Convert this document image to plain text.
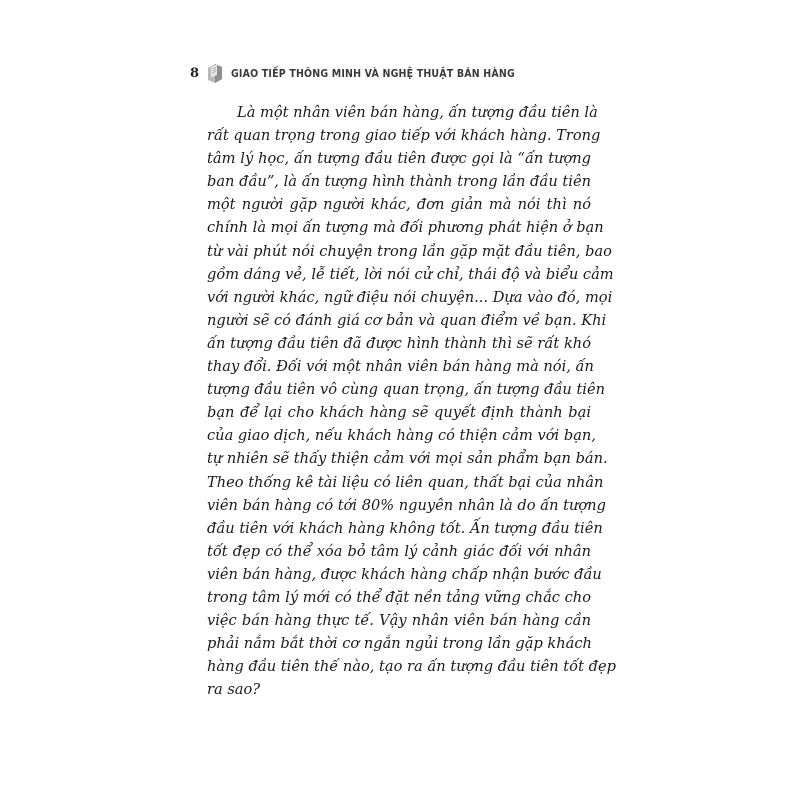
8	GIAO TIẾP THÔNG MINH VÀ NGHỆ THUẬT BÁN HÀNG
Là một nhân viên bán hàng, ấn tượng đầu tiên là
rất quan trọng trong giao tiếp với khách hàng. Trong
tâm lý học, ấn tượng đầu tiên được gọi là “ấn tượng
ban đầu”, là ấn tượng hình thành trong lần đầu tiên
một người gặp người khác, đơn giản mà nói thì nó
chính là mọi ấn tượng mà đối phương phát hiện ở bạn
từ vài phút nói chuyện trong lần gặp mặt đầu tiên, bao
gồm dáng vẻ, lễ tiết, lời nói cử chỉ, thái độ và biểu cảm
với người khác, ngữ điệu nói chuyện... Dựa vào đó, mọi
người sẽ có đánh giá cơ bản và quan điểm về bạn. Khi
ấn tượng đầu tiên đã được hình thành thì sẽ rất khó
thay đổi. Đối với một nhân viên bán hàng mà nói, ấn
tượng đầu tiên vô cùng quan trọng, ấn tượng đầu tiên
bạn để lại cho khách hàng sẽ quyết định thành bại
của giao dịch, nếu khách hàng có thiện cảm với bạn,
tự nhiên sẽ thấy thiện cảm với mọi sản phẩm bạn bán.
Theo thống kê tài liệu có liên quan, thất bại của nhân
viên bán hàng có tới 80% nguyên nhân là do ấn tượng
đầu tiên với khách hàng không tốt. Ấn tượng đầu tiên
tốt đẹp có thể xóa bỏ tâm lý cảnh giác đối với nhân
viên bán hàng, được khách hàng chấp nhận bước đầu
trong tâm lý mới có thể đặt nền tảng vững chắc cho
việc bán hàng thực tế. Vậy nhân viên bán hàng cần
phải nắm bắt thời cơ ngắn ngủi trong lần gặp khách
hàng đầu tiên thế nào, tạo ra ấn tượng đầu tiên tốt đẹp
ra sao?
